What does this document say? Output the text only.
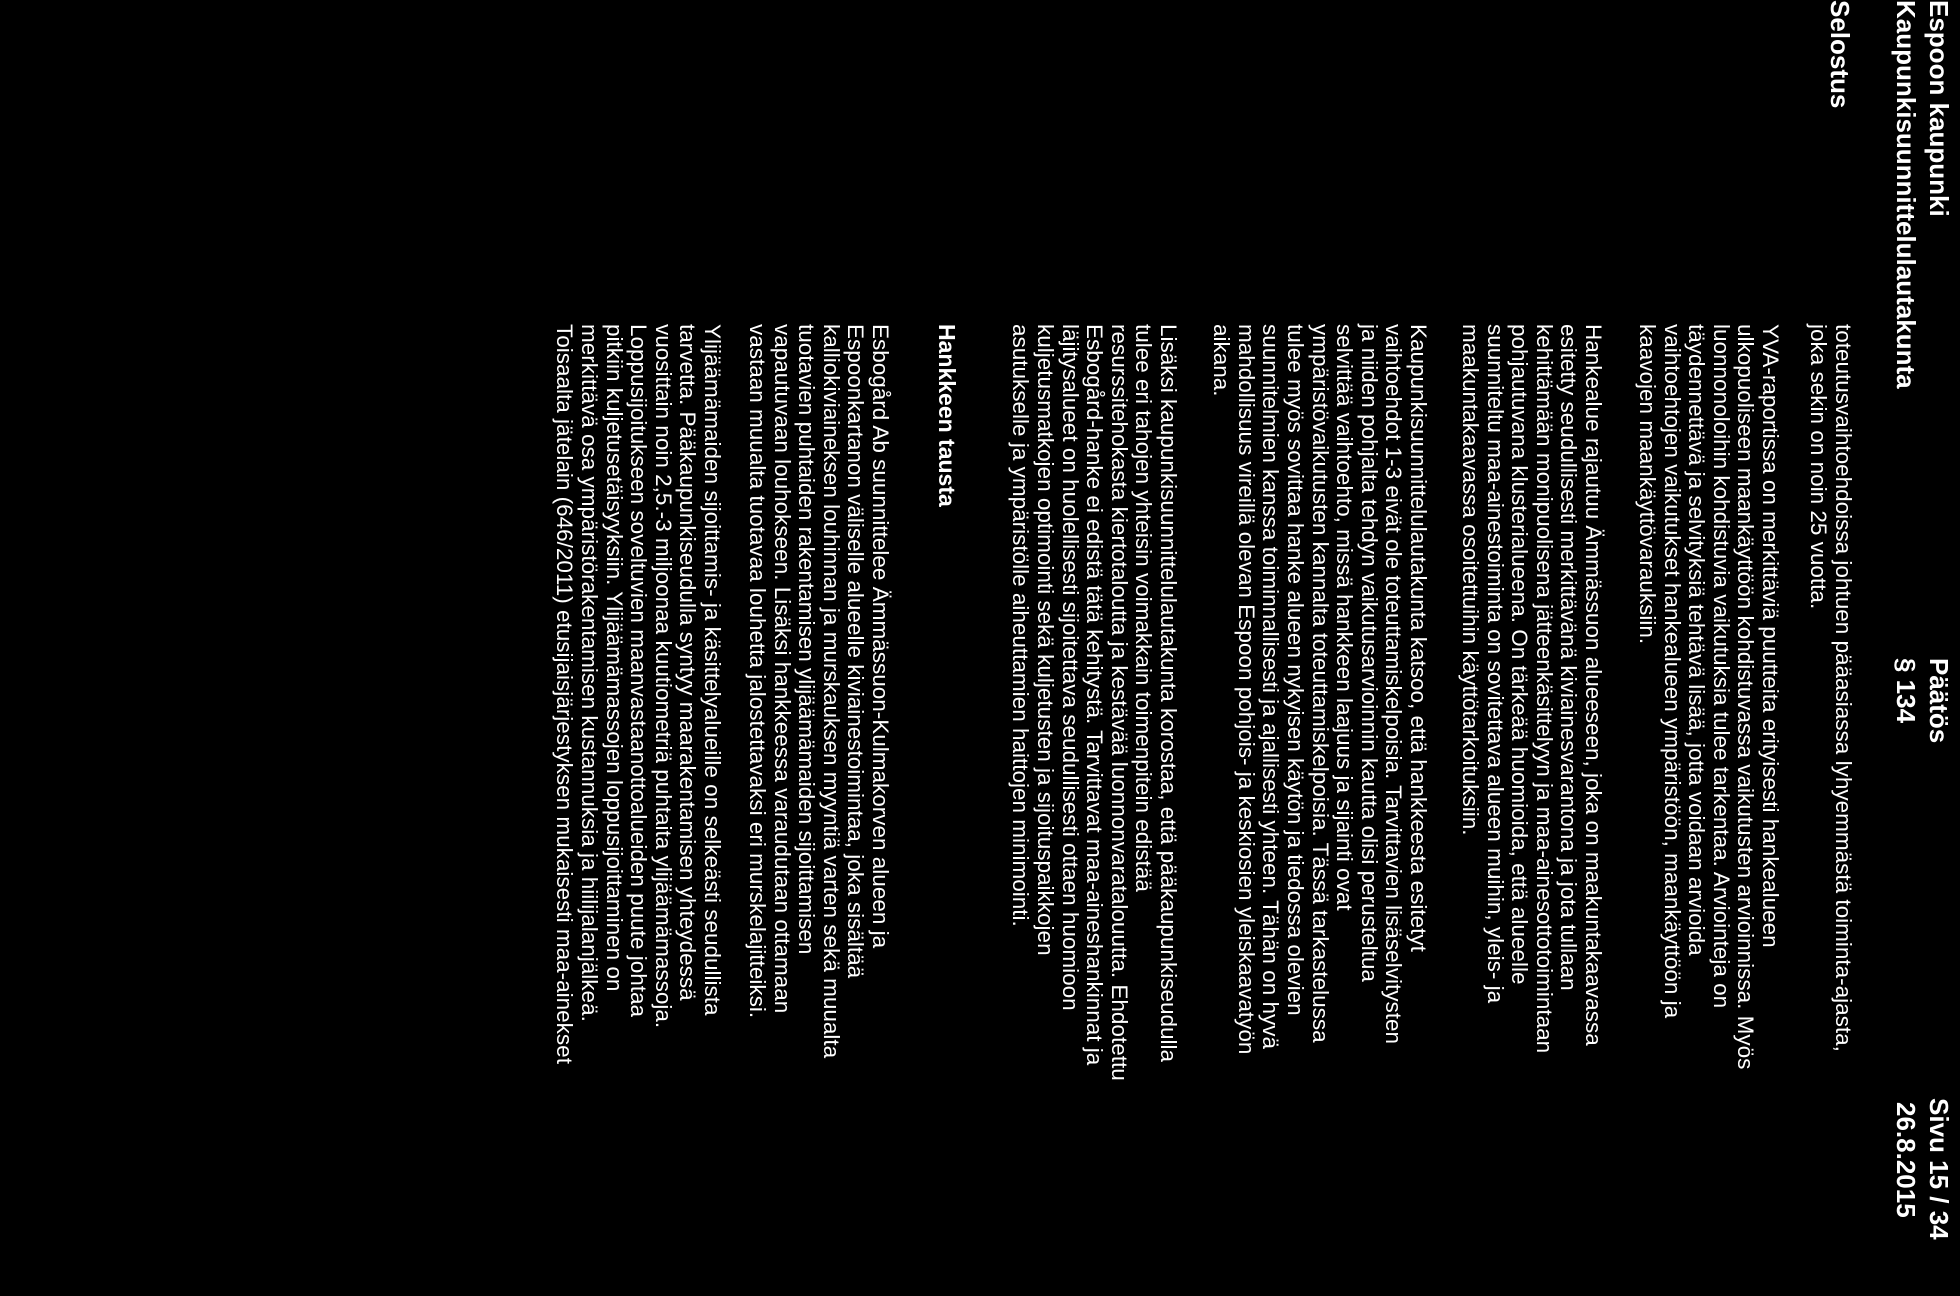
Espoon kaupunki
Päätös
Sivu 15 / 34
Kaupunkisuunnittelulautakunta
§ 134
26.8.2015
Selostus
toteutusvaihtoehdoissa johtuen pääasiassa lyhyemmästä toiminta-ajasta,
joka sekin on noin 25 vuotta.
YVA-raportissa on merkittäviä puutteita erityisesti hankealueen
ulkopuoliseen maankäyttöön kohdistuvassa vaikutusten arvioinnissa. Myös
luonnonoloihin kohdistuvia vaikutuksia tulee tarkentaa. Arviointeja on
täydennettävä ja selvityksiä tehtävä lisää, jotta voidaan arvioida
vaihtoehtojen vaikutukset hankealueen ympäristöön, maankäyttöön ja
kaavojen maankäyttövarauksiin.
Hankealue rajautuu Ämmässuon alueeseen, joka on maakuntakaavassa
esitetty seudullisesti merkittävänä kiviainesvarantona ja jota tullaan
kehittämään monipuolisena jätteenkäsittelyyn ja maa-ainesottotoimintaan
pohjautuvana klusterialueena. On tärkeää huomioida, että alueelle
suunniteltu maa-ainestoiminta on sovitettava alueen muihin, yleis- ja
maakuntakaavassa osoitettuihin käyttötarkoituksiin.
Kaupunkisuunnittelulautakunta katsoo, että hankkeesta esitetyt
vaihtoehdot 1-3 eivät ole toteuttamiskelpoisia. Tarvittavien lisäselvitysten
ja niiden pohjalta tehdyn vaikutusarvioinnin kautta olisi perusteltua
selvittää vaihtoehto, missä hankkeen laajuus ja sijainti ovat
ympäristövaikutusten kannalta toteuttamiskelpoisia. Tässä tarkastelussa
tulee myös sovittaa hanke alueen nykyisen käytön ja tiedossa olevien
suunnitelmien kanssa toiminnallisesti ja ajallisesti yhteen. Tähän on hyvä
mahdollisuus vireillä olevan Espoon pohjois- ja keskiosien yleiskaavatyön
aikana.
Lisäksi kaupunkisuunnittelulautakunta korostaa, että pääkaupunkiseudulla
tulee eri tahojen yhteisin voimakkain toimenpitein edistää
resurssitehokasta kiertotaloutta ja kestävää luonnonvaratalouutta. Ehdotettu
Esbogård-hanke ei edistä tätä kehitystä. Tarvittavat maa-aineshankinnat ja
läjitysalueet on huolellisesti sijoitettava seudullisesti ottaen huomioon
kuljetusmatkojen optimointi sekä kuljetusten ja sijoituspaikkojen
asutukselle ja ympäristölle aiheuttamien haittojen minimointi.
Hankkeen tausta
Esbogård Ab suunnittelee Ämmässuon-Kulmakorven alueen ja
Espoonkartanon väliselle alueelle kiviainestoimintaa, joka sisältää
kalliokiviaineksen louhinnan ja murskauksen myyntiä varten sekä muualta
tuotavien puhtaiden rakentamisen ylijäämämaiden sijoittamisen
vapautuvaan louhokseen. Lisäksi hankkeessa varaudutaan ottamaan
vastaan muualta tuotavaa louhetta jalostettavaksi eri murskelajitteiksi.
Ylijäämämaiden sijoittamis- ja käsittelyalueille on selkeästi seudullista
tarvetta. Pääkaupunkiseudulla syntyy maarakentamisen yhteydessä
vuosittain noin 2,5.-3 miljoonaa kuutiometriä puhtaita ylijäämämassoja.
Loppusijoitukseen soveltuvien maanvastaanottoalueiden puute johtaa
pitkiin kuljetusetäisyyksiin. Ylijäämämassojen loppusijoittaminen on
merkittävä osa ympäristörakentamisen kustannuksia ja hiilijalanjälkeä.
Toisaalta jätelain (646/2011) etusijaisjärjestyksen mukaisesti maa-ainekset
